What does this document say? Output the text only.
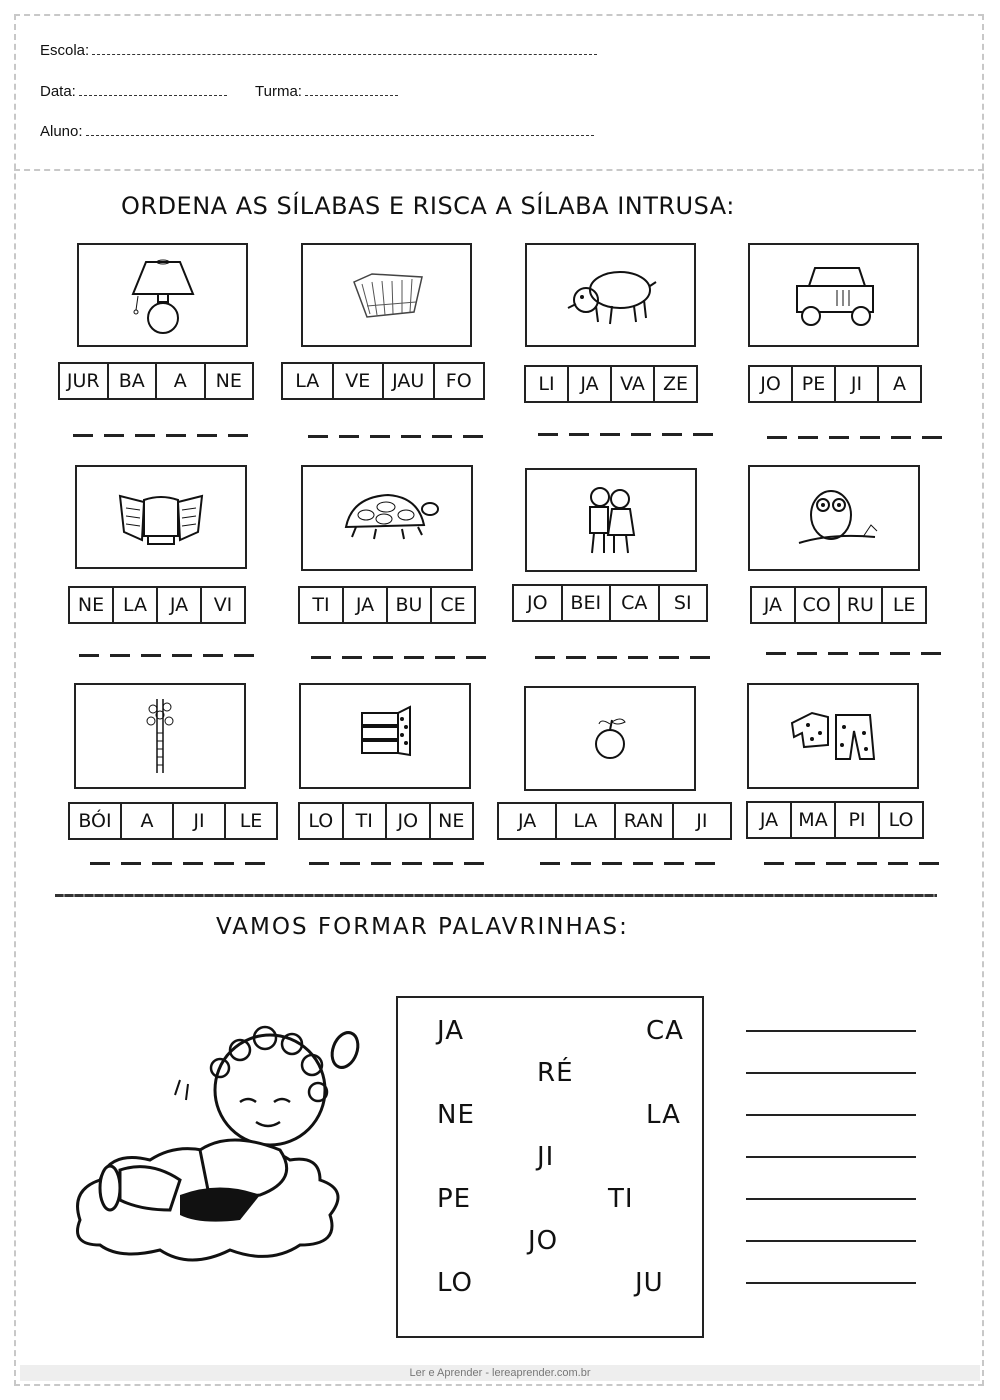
Escola:
Data:	Turma:
Aluno:
ORDENA AS SÍLABAS E RISCA A SÍLABA INTRUSA:
JUR	BA	A	NE	LA	VE	JAU	FO	LI	JA	VA ZE	JO	PE	JI	A
NE LA	JA	VI	TI	JA	BU CE	JO	BEI	CA	SI	JA	CO RU LE
BÓI	A	JI	LE	LO	TI	JO	NE	JA	LA	RAN	JI	JA	MA	PI	LO
VAMOS FORMAR PALAVRINHAS:
JA	CA
RÉ
NE	LA
JI
PE	TI
JO
LO	JU
Ler e Aprender - lereaprender.com.br
